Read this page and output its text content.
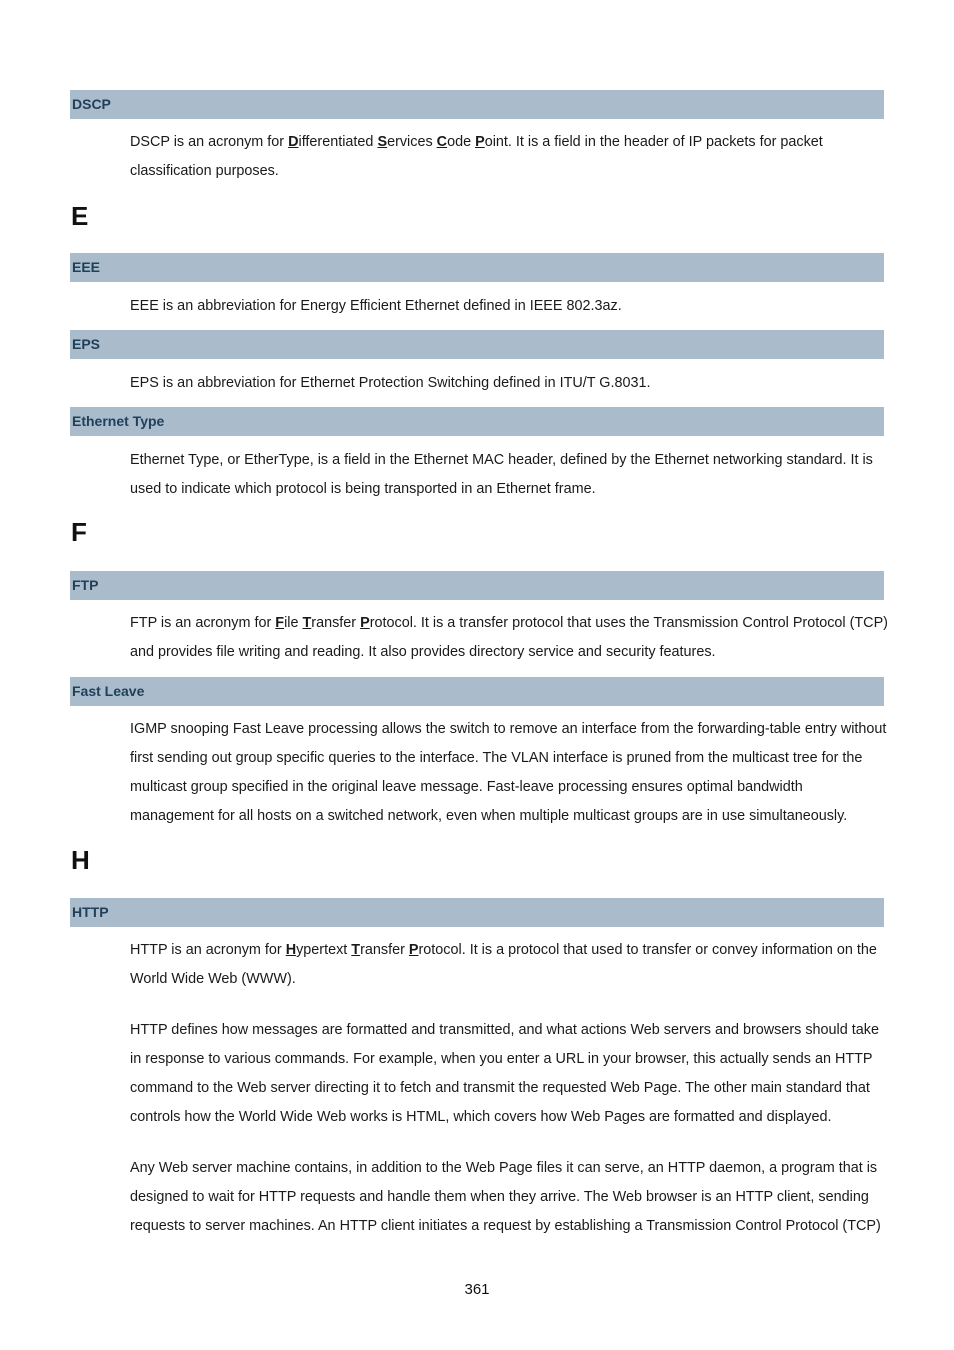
DSCP
DSCP is an acronym for Differentiated Services Code Point. It is a field in the header of IP packets for packet
classification purposes.
E
EEE
EEE is an abbreviation for Energy Efficient Ethernet defined in IEEE 802.3az.
EPS
EPS is an abbreviation for Ethernet Protection Switching defined in ITU/T G.8031.
Ethernet Type
Ethernet Type, or EtherType, is a field in the Ethernet MAC header, defined by the Ethernet networking standard. It is
used to indicate which protocol is being transported in an Ethernet frame.
F
FTP
FTP is an acronym for File Transfer Protocol. It is a transfer protocol that uses the Transmission Control Protocol (TCP)
and provides file writing and reading. It also provides directory service and security features.
Fast Leave
IGMP snooping Fast Leave processing allows the switch to remove an interface from the forwarding-table entry without
first sending out group specific queries to the interface. The VLAN interface is pruned from the multicast tree for the
multicast group specified in the original leave message. Fast-leave processing ensures optimal bandwidth
management for all hosts on a switched network, even when multiple multicast groups are in use simultaneously.
H
HTTP
HTTP is an acronym for Hypertext Transfer Protocol. It is a protocol that used to transfer or convey information on the
World Wide Web (WWW).
HTTP defines how messages are formatted and transmitted, and what actions Web servers and browsers should take
in response to various commands. For example, when you enter a URL in your browser, this actually sends an HTTP
command to the Web server directing it to fetch and transmit the requested Web Page. The other main standard that
controls how the World Wide Web works is HTML, which covers how Web Pages are formatted and displayed.
Any Web server machine contains, in addition to the Web Page files it can serve, an HTTP daemon, a program that is
designed to wait for HTTP requests and handle them when they arrive. The Web browser is an HTTP client, sending
requests to server machines. An HTTP client initiates a request by establishing a Transmission Control Protocol (TCP)
361
